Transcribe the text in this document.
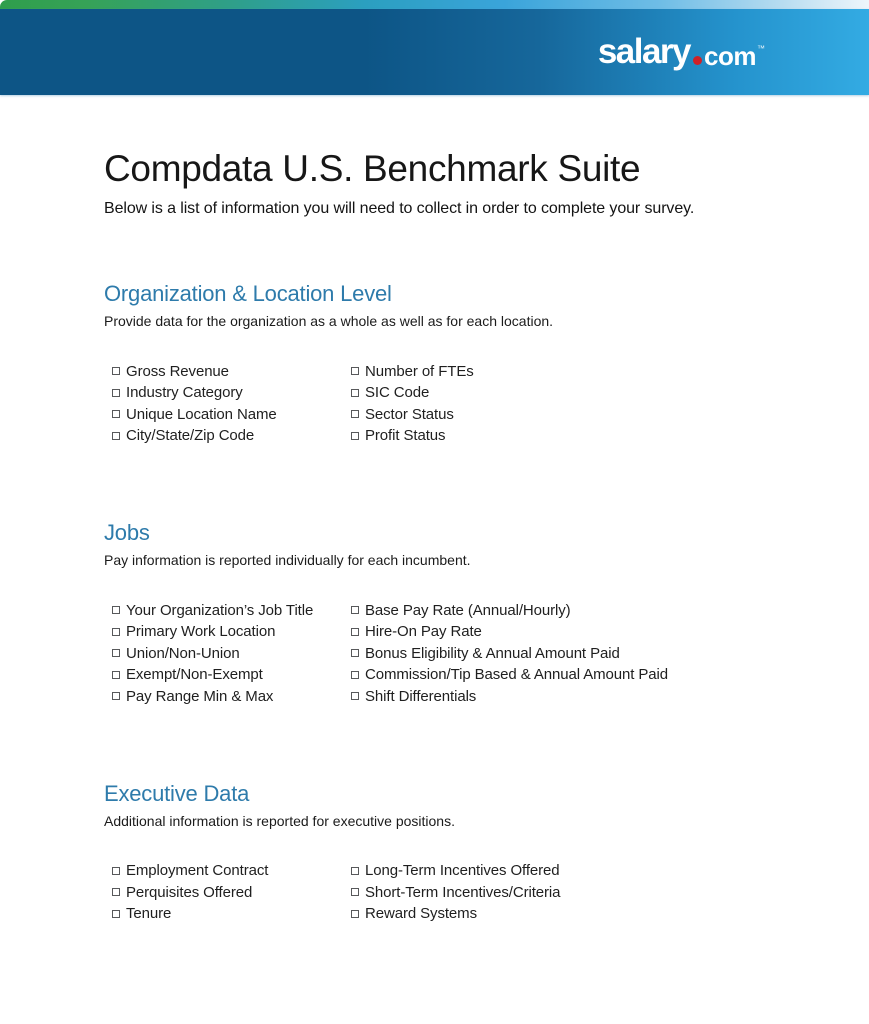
salary com ™
Compdata U.S. Benchmark Suite

Below is a list of information you will need to collect in order to complete your survey.

Organization & Location Level

Provide data for the organization as a whole as well as for each location.

Gross Revenue
Industry Category
Unique Location Name
City/State/Zip Code
Number of FTEs
SIC Code
Sector Status
Profit Status
Jobs

Pay information is reported individually for each incumbent.

Your Organization’s Job Title
Primary Work Location
Union/Non-Union
Exempt/Non-Exempt
Pay Range Min & Max
Base Pay Rate (Annual/Hourly)
Hire-On Pay Rate
Bonus Eligibility & Annual Amount Paid
Commission/Tip Based & Annual Amount Paid
Shift Differentials
Executive Data

Additional information is reported for executive positions.

Employment Contract
Perquisites Offered
Tenure
Long-Term Incentives Offered
Short-Term Incentives/Criteria
Reward Systems
